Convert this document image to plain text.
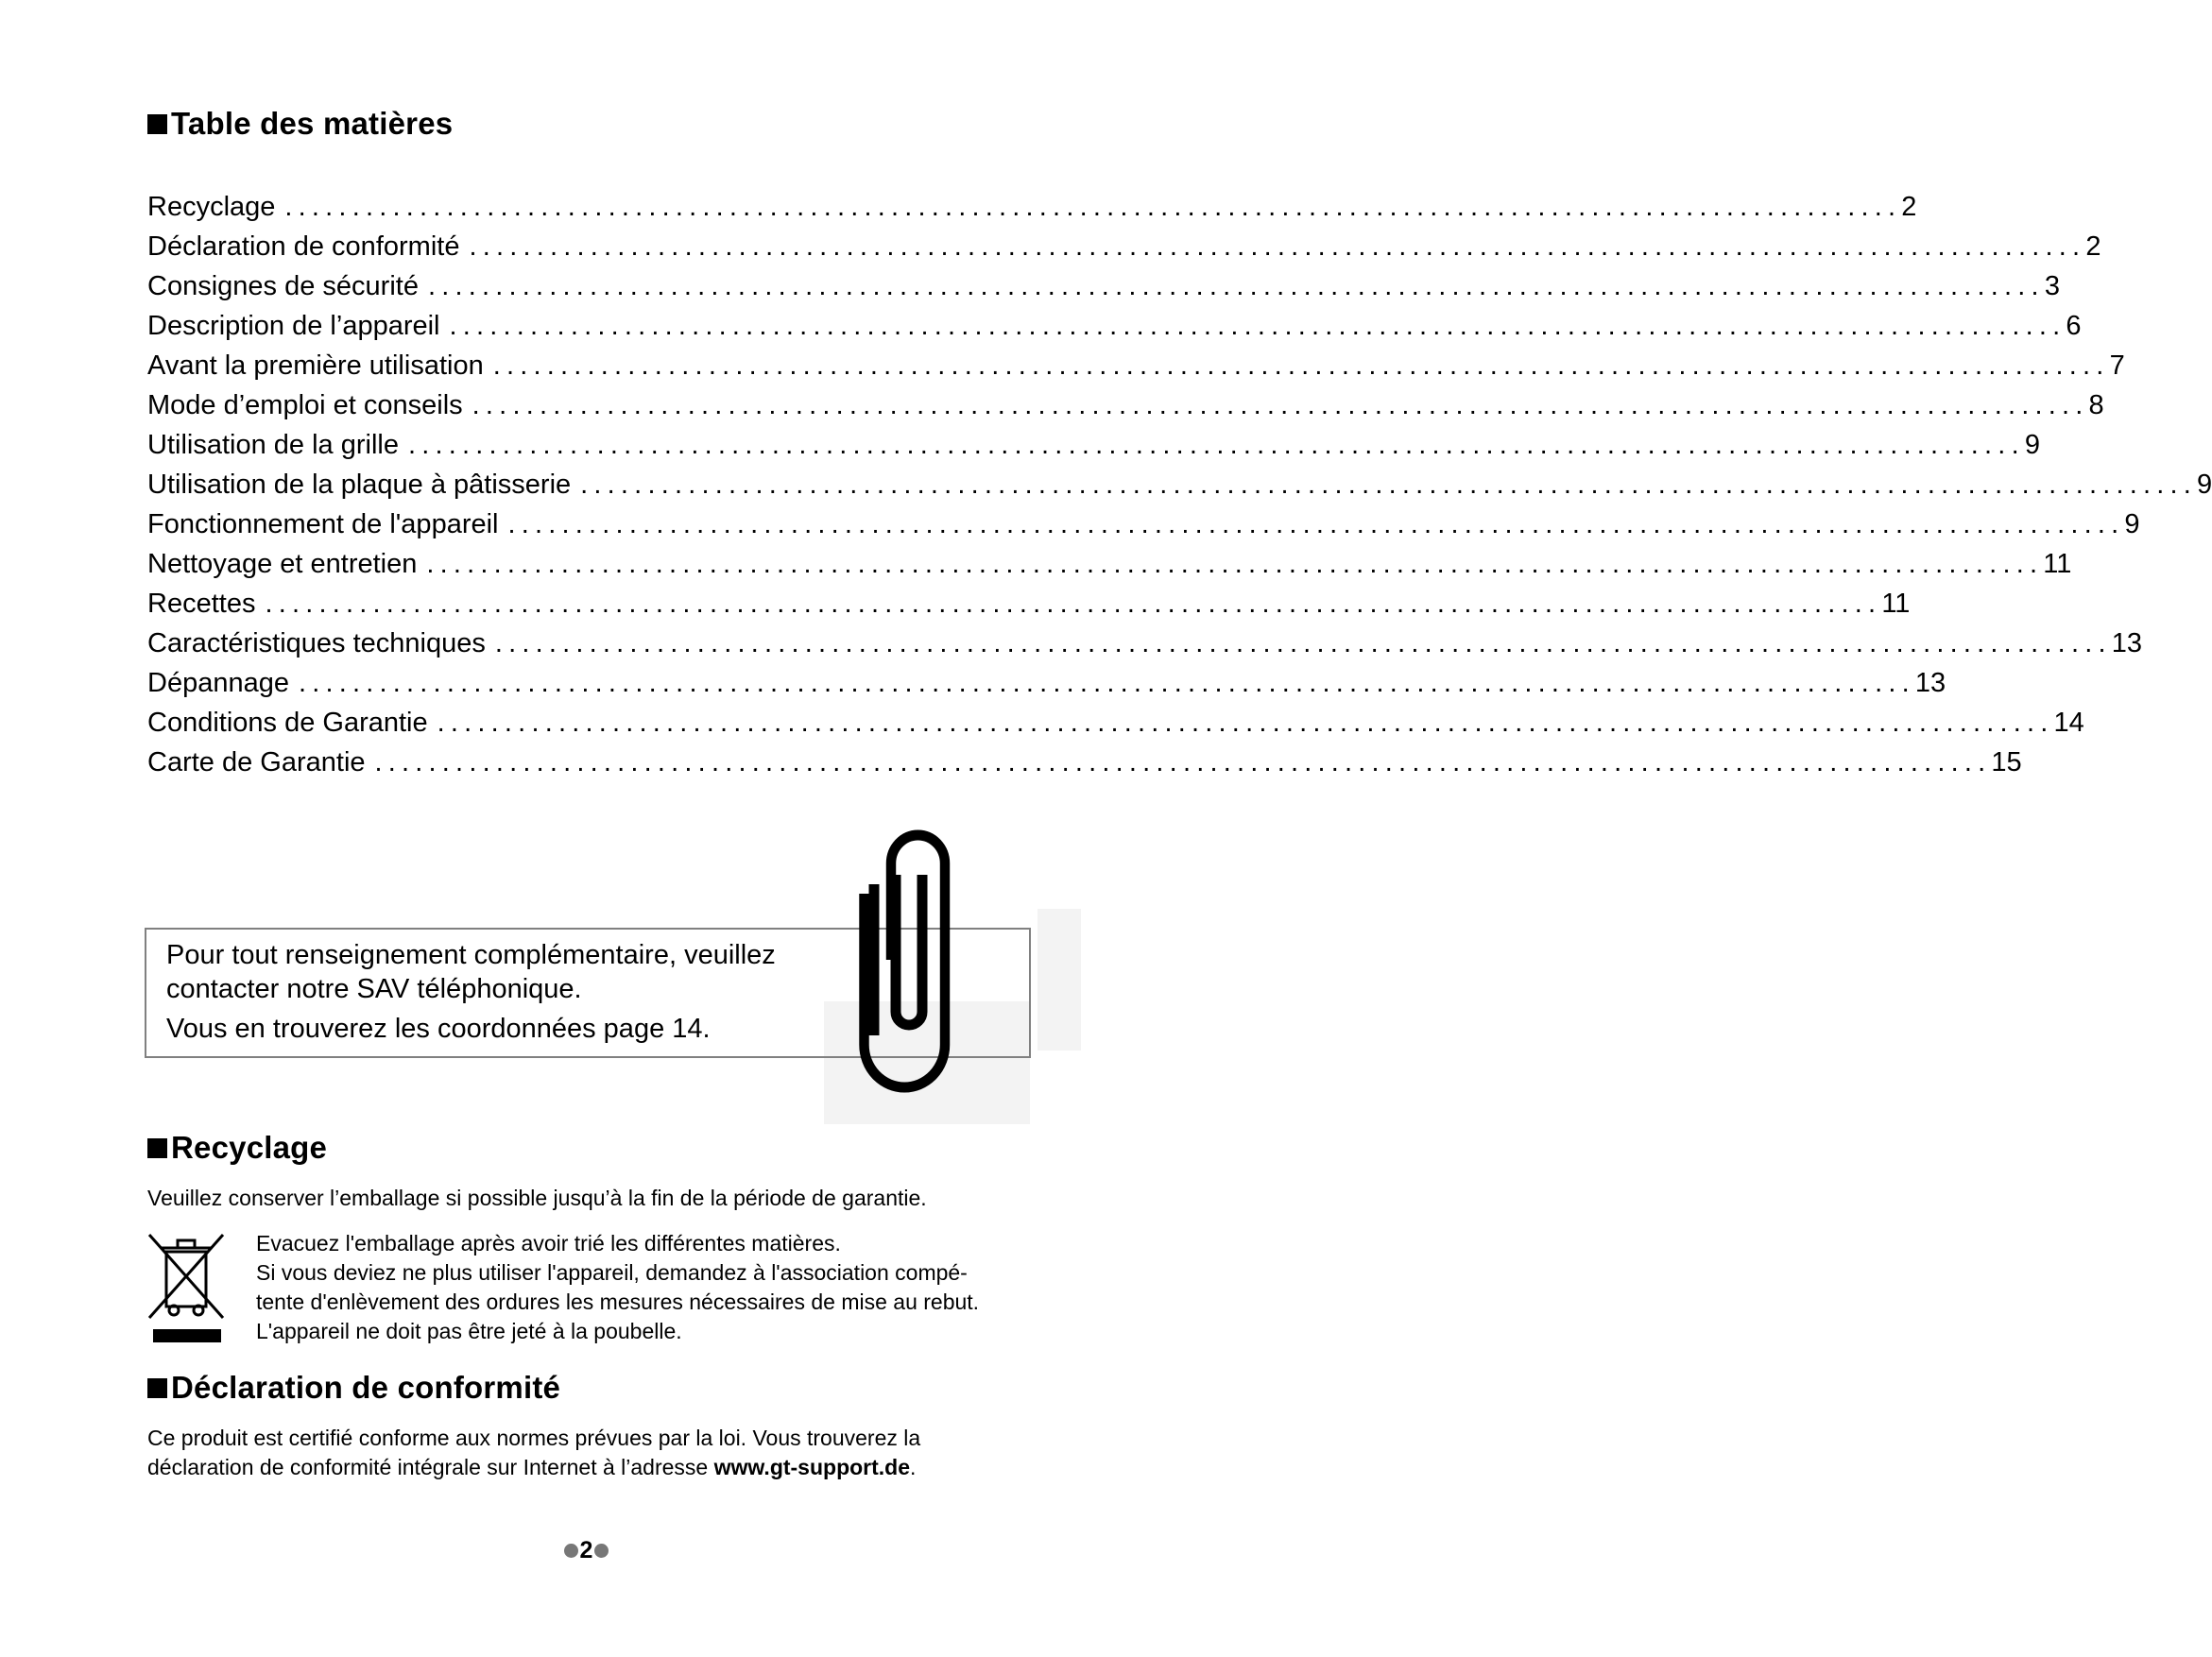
Table des matières
Recyclage ........................................................................................................................ 2
Déclaration de conformité ........................................................................................................................ 2
Consignes de sécurité ........................................................................................................................ 3
Description de l’appareil ........................................................................................................................ 6
Avant la première utilisation ........................................................................................................................ 7
Mode d’emploi et conseils ........................................................................................................................ 8
Utilisation de la grille ........................................................................................................................ 9
Utilisation de la plaque à pâtisserie ........................................................................................................................ 9
Fonctionnement de l'appareil ........................................................................................................................ 9
Nettoyage et entretien ........................................................................................................................ 11
Recettes ........................................................................................................................ 11
Caractéristiques techniques ........................................................................................................................ 13
Dépannage ........................................................................................................................ 13
Conditions de Garantie ........................................................................................................................ 14
Carte de Garantie ........................................................................................................................ 15

Pour tout renseignement complémentaire, veuillez

contacter notre SAV téléphonique.

Vous en trouverez les coordonnées page 14.

Recyclage

Veuillez conserver l’emballage si possible jusqu’à la fin de la période de garantie.

Evacuez l'emballage après avoir trié les différentes matières.
Si vous deviez ne plus utiliser l'appareil, demandez à l'association compé-
tente d'enlèvement des ordures les mesures nécessaires de mise au rebut.
L'appareil ne doit pas être jeté à la poubelle.
Déclaration de conformité

Ce produit est certifié conforme aux normes prévues par la loi. Vous trouverez la

déclaration de conformité intégrale sur Internet à l’adresse www.gt-support.de.

2
